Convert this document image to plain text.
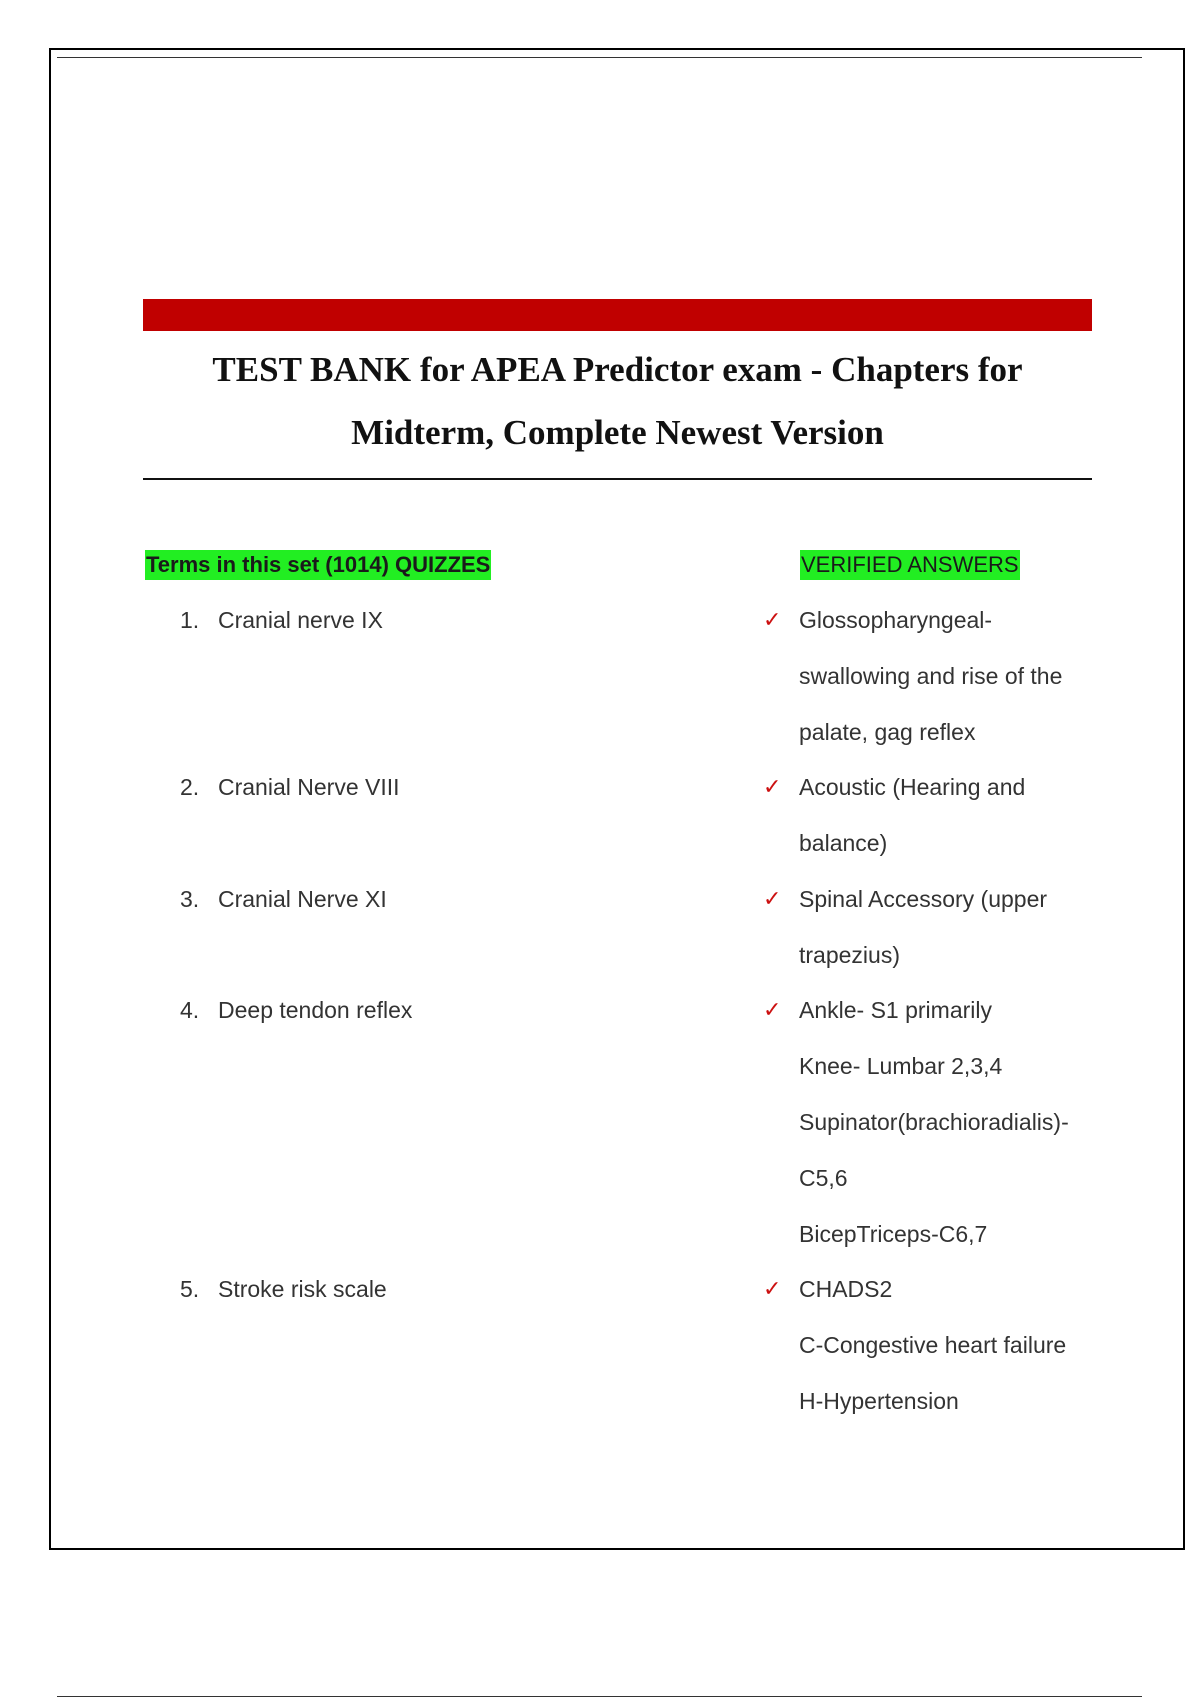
TEST BANK for APEA Predictor exam - Chapters for
Midterm, Complete Newest Version
Terms in this set (1014) QUIZZES	VERIFIED ANSWERS
1. Cranial nerve IX	✓ Glossopharyngeal-
swallowing and rise of the
palate, gag reflex
2. Cranial Nerve VIII	✓ Acoustic (Hearing and
balance)
3. Cranial Nerve XI	✓ Spinal Accessory (upper
trapezius)
4. Deep tendon reflex	✓ Ankle- S1 primarily
Knee- Lumbar 2,3,4
Supinator(brachioradialis)-
C5,6
BicepTriceps-C6,7
5. Stroke risk scale	✓ CHADS2
C-Congestive heart failure
H-Hypertension
